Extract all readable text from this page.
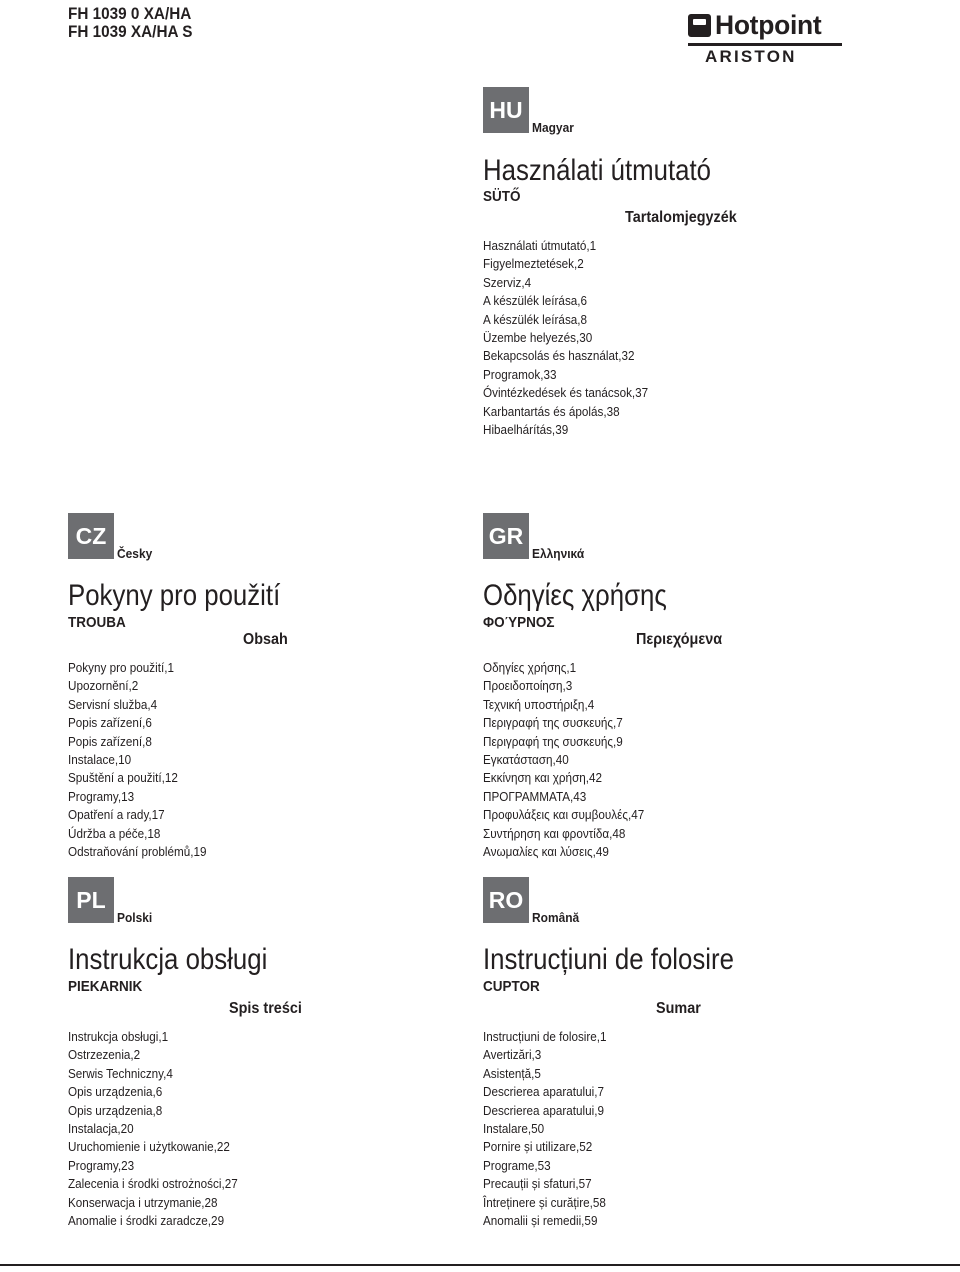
FH 1039 0 XA/HA
FH 1039 XA/HA S	Hotpoint
ARISTON
HU
Magyar
Használati útmutató
SÜTŐ
Tartalomjegyzék
Használati útmutató,1
Figyelmeztetések,2
Szerviz,4
A készülék leírása,6
A készülék leírása,8
Üzembe helyezés,30
Bekapcsolás és használat,32
Programok,33
Óvintézkedések és tanácsok,37
Karbantartás és ápolás,38
Hibaelhárítás,39
CZ
Česky
Pokyny pro použití
TROUBA
Obsah
Pokyny pro použití,1
Upozornění,2
Servisní služba,4
Popis zařízení,6
Popis zařízení,8
Instalace,10
Spuštění a použití,12
Programy,13
Opatření a rady,17
Údržba a péče,18
Odstraňování problémů,19
GR
Ελληνικά
Οδηγίες χρήσης
ΦΟΎΡΝΟΣ
Περιεχόμενα
Οδηγίες χρήσης,1
Προειδοποίηση,3
Τεχνική υποστήριξη,4
Περιγραφή της συσκευής,7
Περιγραφή της συσκευής,9
Εγκατάσταση,40
Εκκίνηση και χρήση,42
ΠΡΟΓΡΑΜΜΑΤΑ,43
Προφυλάξεις και συμβουλές,47
Συντήρηση και φροντίδα,48
Ανωμαλίες και λύσεις,49
PL
Polski
Instrukcja obsługi
PIEKARNIK
Spis treści
Instrukcja obsługi,1
Ostrzezenia,2
Serwis Techniczny,4
Opis urządzenia,6
Opis urządzenia,8
Instalacja,20
Uruchomienie i użytkowanie,22
Programy,23
Zalecenia i środki ostrożności,27
Konserwacja i utrzymanie,28
Anomalie i środki zaradcze,29
RO
Română
Instrucțiuni de folosire
CUPTOR
Sumar
Instrucțiuni de folosire,1
Avertizări,3
Asistență,5
Descrierea aparatului,7
Descrierea aparatului,9
Instalare,50
Pornire și utilizare,52
Programe,53
Precauții și sfaturi,57
Întreținere și curățire,58
Anomalii și remedii,59
